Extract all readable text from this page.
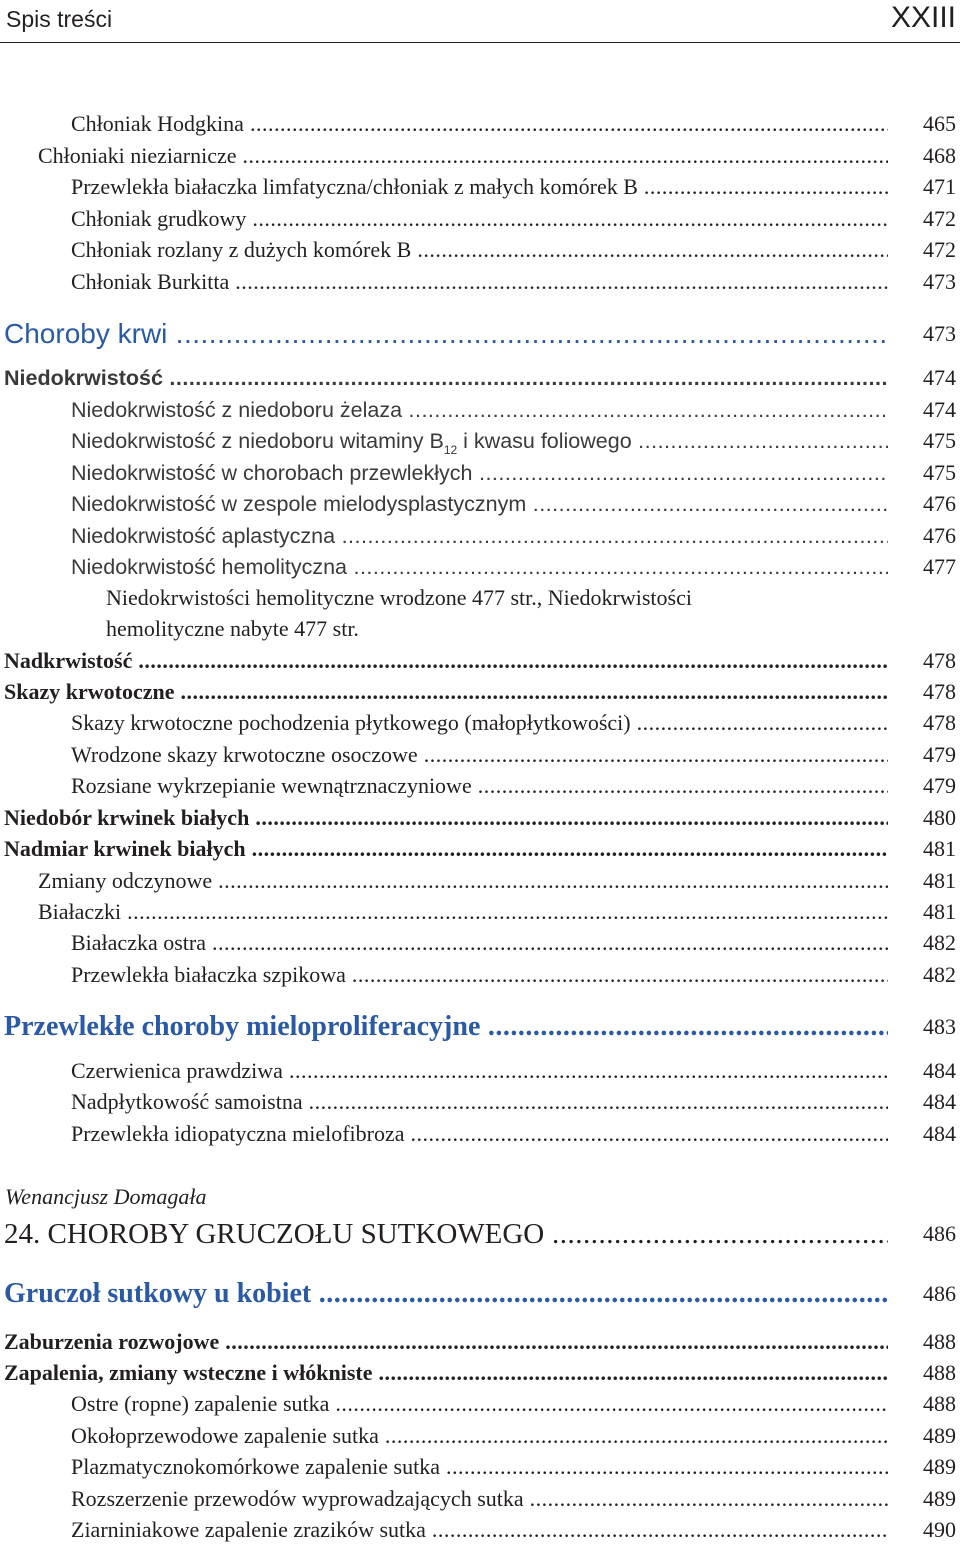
Spis treści	XXIII
Chłoniak Hodgkina .....	465
Chłoniaki nieziarnicze .....	468
Przewlekła białaczka limfatyczna/chłoniak z małych komórek B .....	471
Chłoniak grudkowy .....	472
Chłoniak rozlany z dużych komórek B .....	472
Chłoniak Burkitta .....	473
Choroby krwi .....	473
Niedokrwistość .....	474
Niedokrwistość z niedoboru żelaza .....	474
Niedokrwistość z niedoboru witaminy $B_{12}$ i kwasu foliowego .....	475
Niedokrwistość w chorobach przewlekłych .....	475
Niedokrwistość w zespole mielodysplastycznym .....	476
Niedokrwistość aplastyczna .....	476
Niedokrwistość hemolityczna .....	477
Niedokrwistości hemolityczne wrodzone 477 str., Niedokrwistości
hemolityczne nabyte 477 str.
Nadkrwistość .....	478
Skazy krwotoczne .....	478
Skazy krwotoczne pochodzenia płytkowego (małopłytkowości) .....	478
Wrodzone skazy krwotoczne osoczowe .....	479
Rozsiane wykrzepianie wewnątrznaczyniowe .....	479
Niedobór krwinek białych .....	480
Nadmiar krwinek białych .....	481
Zmiany odczynowe .....	481
Białaczki .....	481
Białaczka ostra .....	482
Przewlekła białaczka szpikowa .....	482
Przewlekłe choroby mieloproliferacyjne .....	483
Czerwienica prawdziwa .....	484
Nadpłytkowość samoistna .....	484
Przewlekła idiopatyczna mielofibroza .....	484
Wenancjusz Domagała
24. CHOROBY GRUCZOŁU SUTKOWEGO .....	486
Gruczoł sutkowy u kobiet .....	486
Zaburzenia rozwojowe .....	488
Zapalenia, zmiany wsteczne i włókniste .....	488
Ostre (ropne) zapalenie sutka .....	488
Okołoprzewodowe zapalenie sutka .....	489
Plazmatycznokomórkowe zapalenie sutka .....	489
Rozszerzenie przewodów wyprowadzających sutka .....	489
Ziarniniakowe zapalenie zrazików sutka .....	490
